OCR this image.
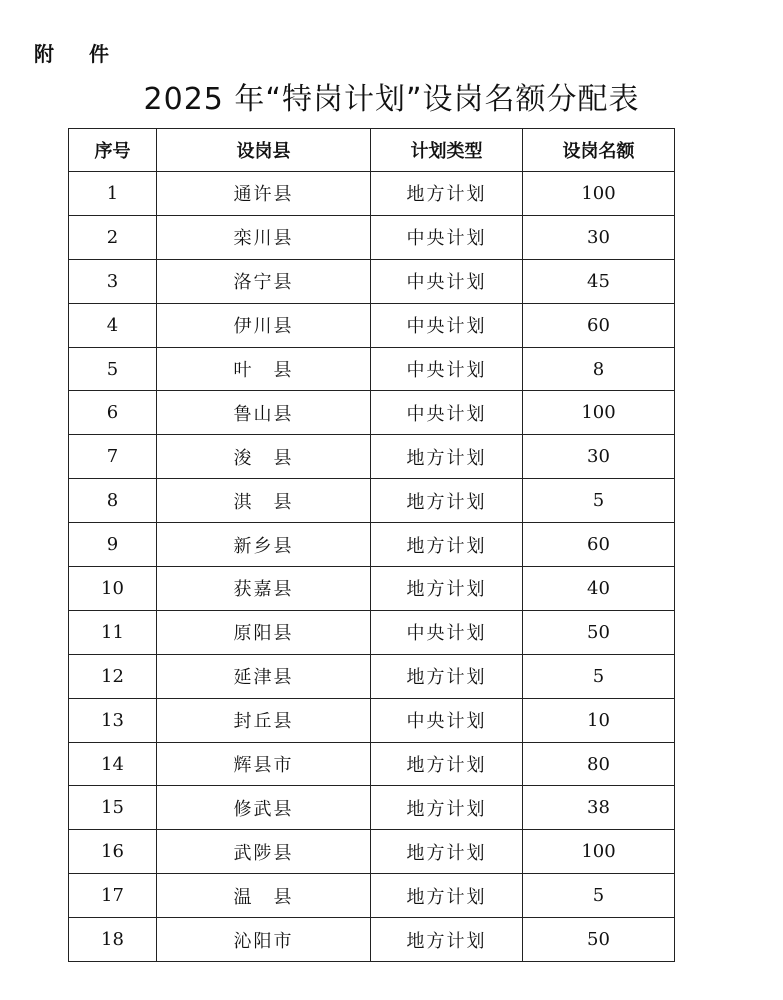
附 件
2025 年“特岗计划”设岗名额分配表
序号	设岗县	计划类型	设岗名额
1	通许县	地方计划	100
2	栾川县	中央计划	30
3	洛宁县	中央计划	45
4	伊川县	中央计划	60
5	叶　县	中央计划	8
6	鲁山县	中央计划	100
7	浚　县	地方计划	30
8	淇　县	地方计划	5
9	新乡县	地方计划	60
10	获嘉县	地方计划	40
11	原阳县	中央计划	50
12	延津县	地方计划	5
13	封丘县	中央计划	10
14	辉县市	地方计划	80
15	修武县	地方计划	38
16	武陟县	地方计划	100
17	温　县	地方计划	5
18	沁阳市	地方计划	50
